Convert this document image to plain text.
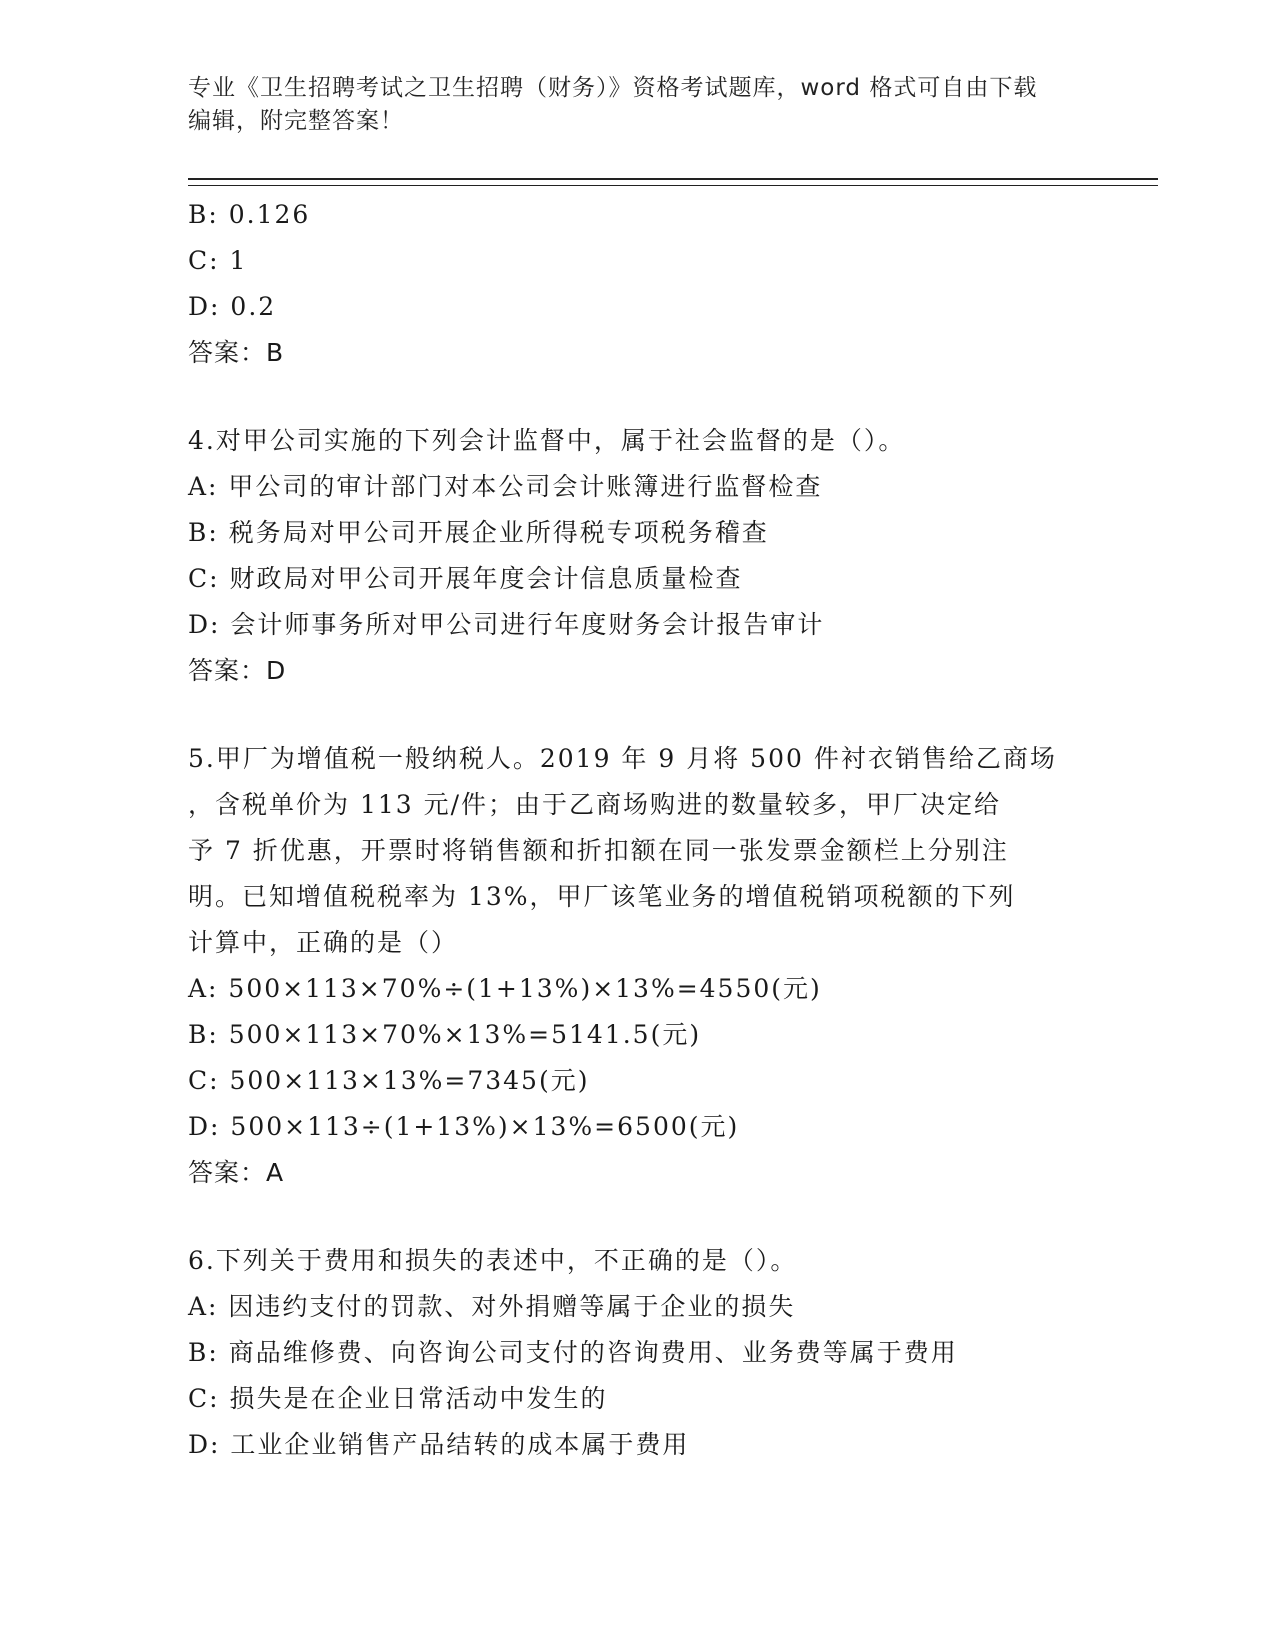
专业《卫生招聘考试之卫生招聘（财务）》资格考试题库，word 格式可自由下载
编辑，附完整答案！
B: 0.126
C: 1
D: 0.2
答案：B
4.对甲公司实施的下列会计监督中，属于社会监督的是（）。
A: 甲公司的审计部门对本公司会计账簿进行监督检查
B: 税务局对甲公司开展企业所得税专项税务稽查
C: 财政局对甲公司开展年度会计信息质量检查
D: 会计师事务所对甲公司进行年度财务会计报告审计
答案：D
5.甲厂为增值税一般纳税人。2019 年 9 月将 500 件衬衣销售给乙商场
，含税单价为 113 元/件；由于乙商场购进的数量较多，甲厂决定给
予 7 折优惠，开票时将销售额和折扣额在同一张发票金额栏上分别注
明。已知增值税税率为 13%，甲厂该笔业务的增值税销项税额的下列
计算中，正确的是（）
A: 500×113×70%÷(1+13%)×13%=4550(元)
B: 500×113×70%×13%=5141.5(元)
C: 500×113×13%=7345(元)
D: 500×113÷(1+13%)×13%=6500(元)
答案：A
6.下列关于费用和损失的表述中，不正确的是（）。
A: 因违约支付的罚款、对外捐赠等属于企业的损失
B: 商品维修费、向咨询公司支付的咨询费用、业务费等属于费用
C: 损失是在企业日常活动中发生的
D: 工业企业销售产品结转的成本属于费用
